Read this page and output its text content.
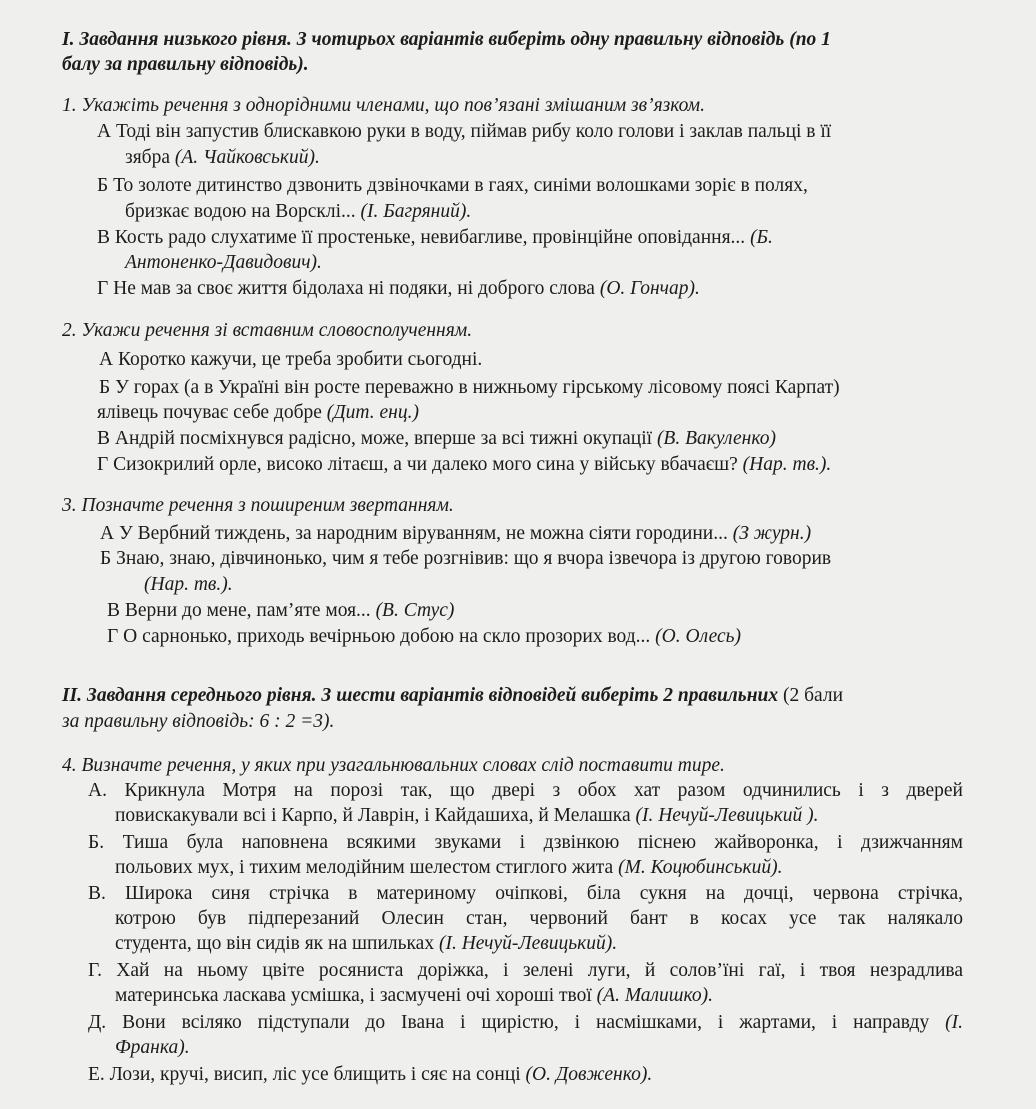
I. Завдання низького рівня. З чотирьох варіантів виберіть одну правильну відповідь (по 1
балу за правильну відповідь).
1. Укажіть речення з однорідними членами, що пов’язані змішаним зв’язком.
А Тоді він запустив блискавкою руки в воду, піймав рибу коло голови і заклав пальці в її
зябра (А. Чайковський).
Б То золоте дитинство дзвонить дзвіночками в гаях, синіми волошками зоріє в полях,
бризкає водою на Ворсклі... (І. Багряний).
В Кость радо слухатиме її простеньке, невибагливе, провінційне оповідання... (Б.
Антоненко-Давидович).
Г Не мав за своє життя бідолаха ні подяки, ні доброго слова (О. Гончар).
2. Укажи речення зі вставним словосполученням.
А Коротко кажучи, це треба зробити сьогодні.
Б У горах (а в Україні він росте переважно в нижньому гірському лісовому поясі Карпат)
ялівець почуває себе добре (Дит. енц.)
В Андрій посміхнувся радісно, може, вперше за всі тижні окупації (В. Вакуленко)
Г Сизокрилий орле, високо літаєш, а чи далеко мого сина у війську вбачаєш? (Нар. тв.).
3. Позначте речення з поширеним звертанням.
А У Вербний тиждень, за народним віруванням, не можна сіяти городини... (З журн.)
Б Знаю, знаю, дівчинонько, чим я тебе розгнівив: що я вчора ізвечора із другою говорив
(Нар. тв.).
В Верни до мене, пам’яте моя... (В. Стус)
Г О сарнонько, приходь вечірньою добою на скло прозорих вод... (О. Олесь)
II. Завдання середнього рівня. З шести варіантів відповідей виберіть 2 правильних (2 бали
за правильну відповідь: 6 : 2 =3).
4. Визначте речення, у яких при узагальнювальних словах слід поставити тире.
А. Крикнула Мотря на порозі так, що двері з обох хат разом одчинились і з дверей
повискакували всі і Карпо, й Лаврін, і Кайдашиха, й Мелашка (І. Нечуй-Левицький ).
Б. Тиша була наповнена всякими звуками і дзвінкою піснею жайворонка, і дзижчанням
польових мух, і тихим мелодійним шелестом стиглого жита (М. Коцюбинський).
В. Широка синя стрічка в материному очіпкові, біла сукня на дочці, червона стрічка,
котрою був підперезаний Олесин стан, червоний бант в косах усе так налякало
студента, що він сидів як на шпильках (І. Нечуй-Левицький).
Г. Хай на ньому цвіте росяниста доріжка, і зелені луги, й солов’їні гаї, і твоя незрадлива
материнська ласкава усмішка, і засмучені очі хороші твої (А. Малишко).
Д. Вони всіляко підступали до Івана і щирістю, і насмішками, і жартами, і направду (І.
Франка).
Е. Лози, кручі, висип, ліс усе блищить і сяє на сонці (О. Довженко).
